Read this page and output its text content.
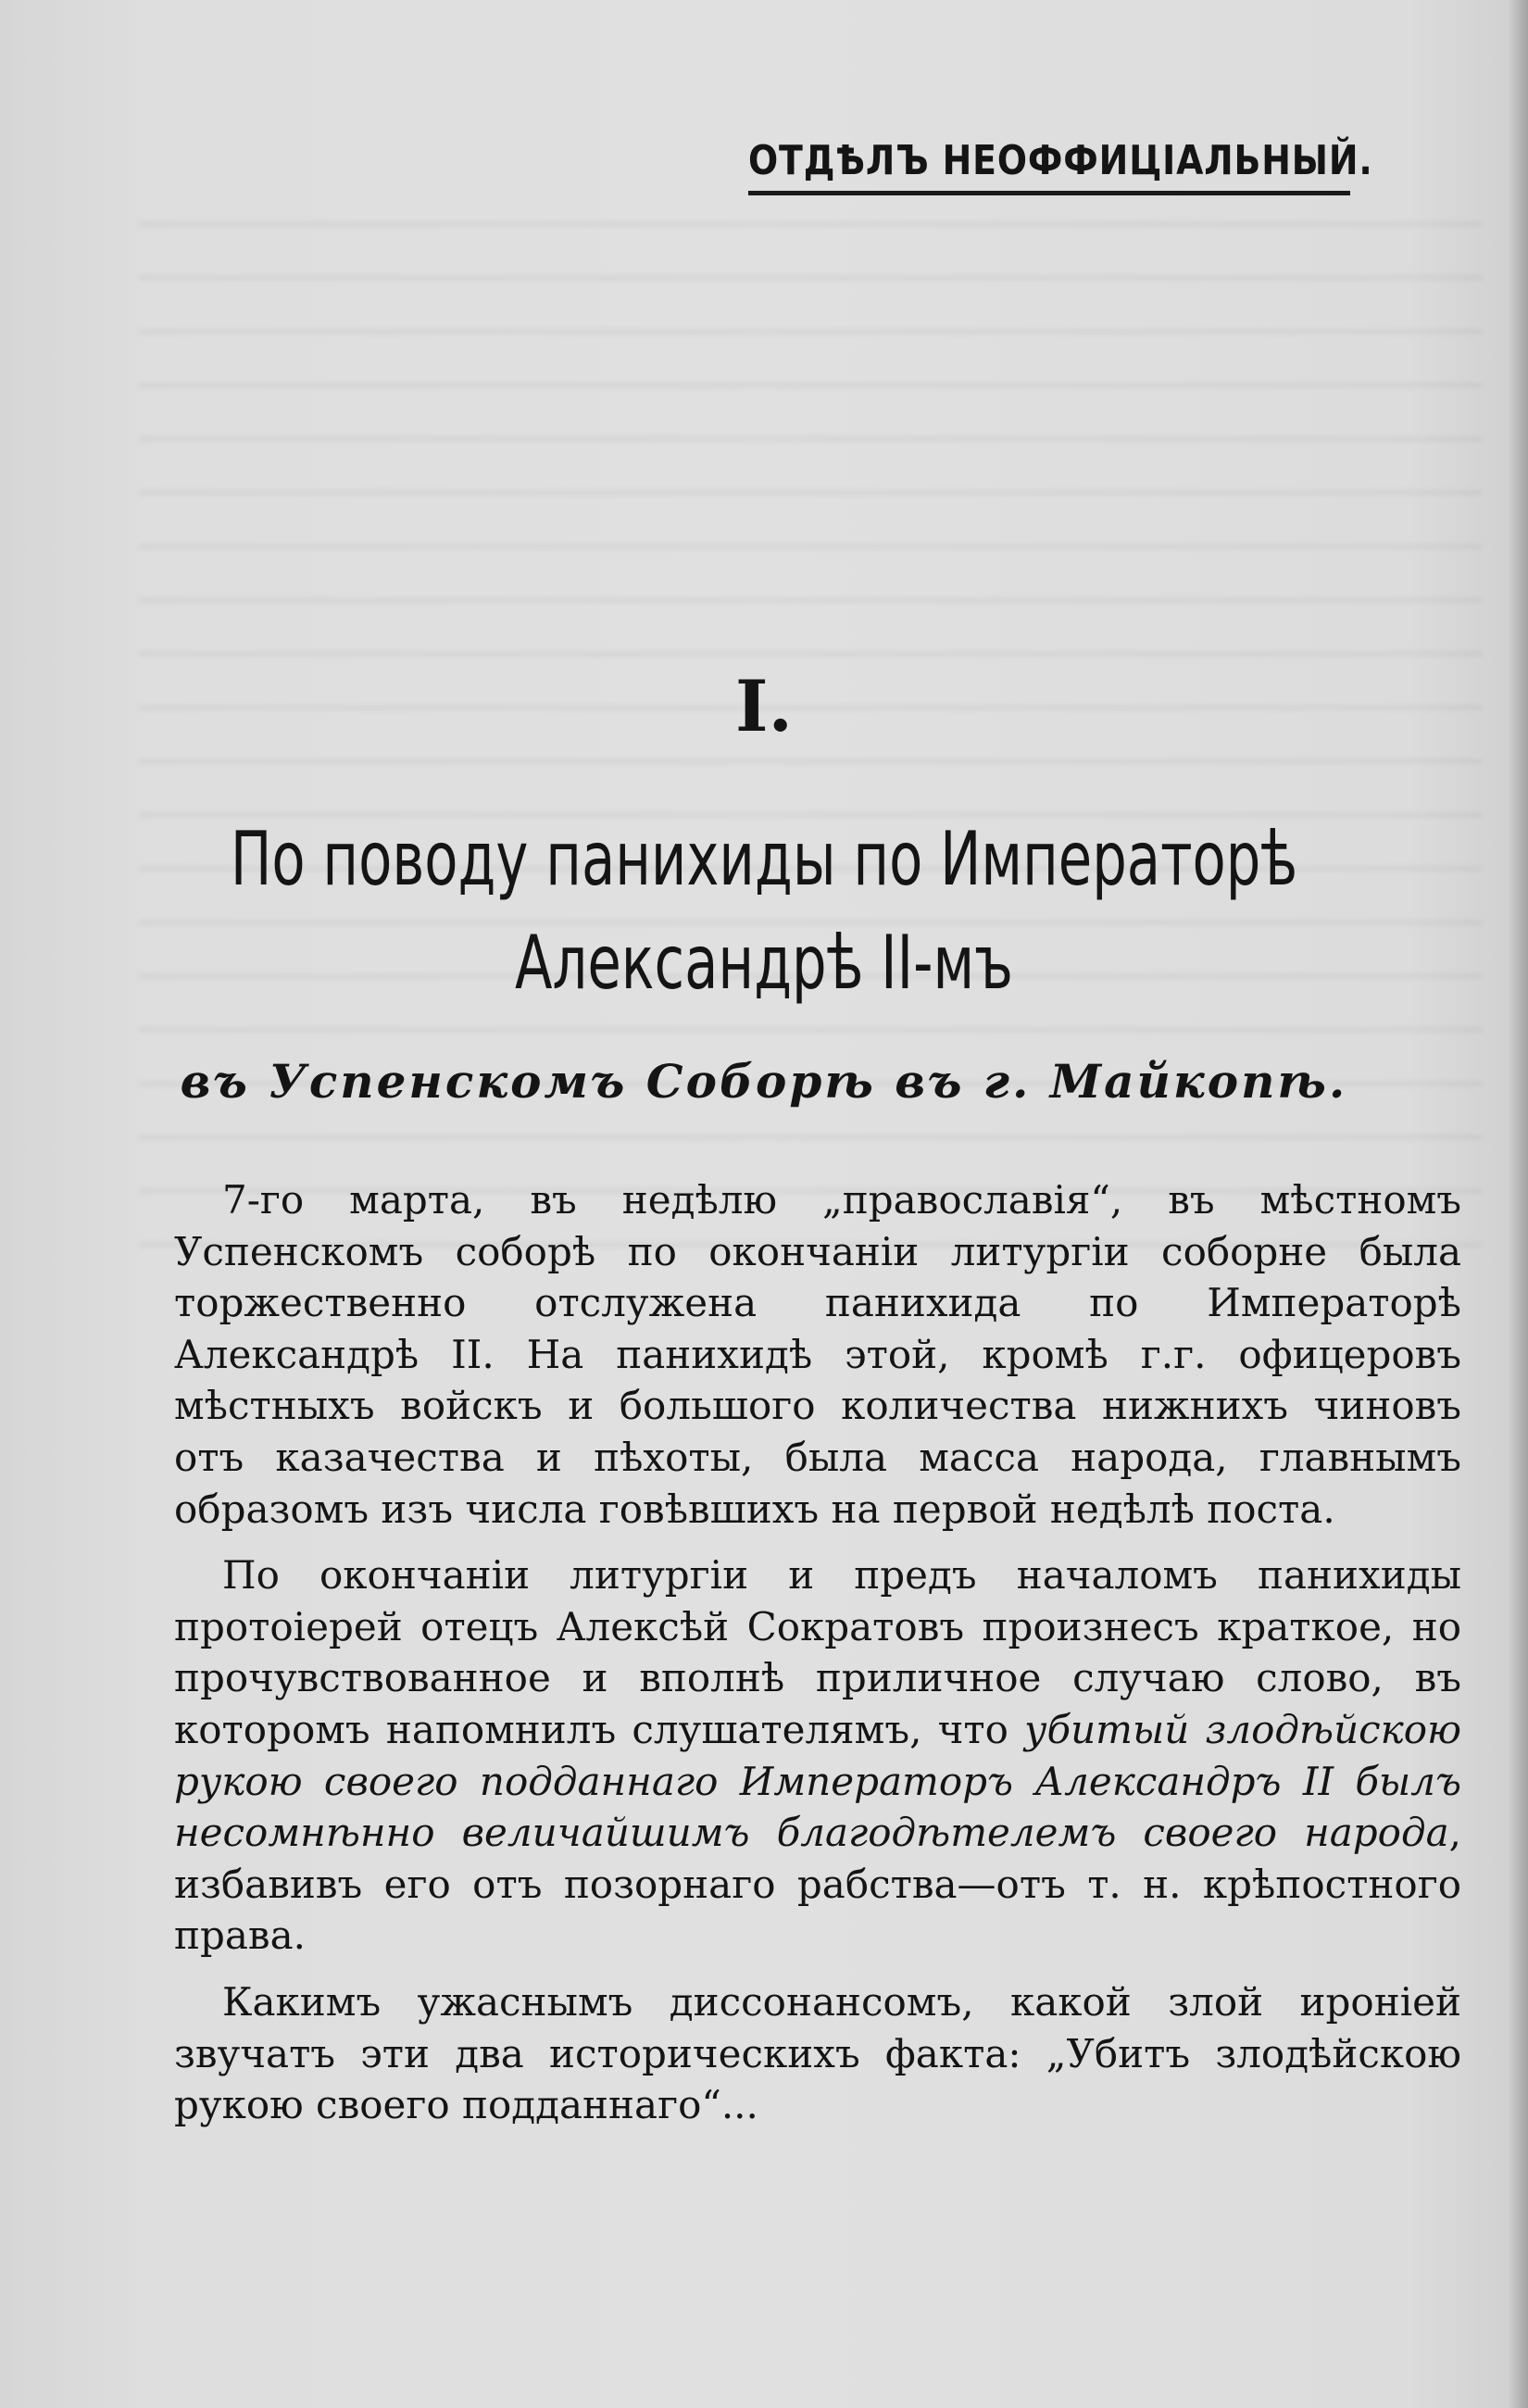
ОТДѢЛЪ НЕОФФИЦІАЛЬНЫЙ.
I.
По поводу панихиды по Императорѣ
Александрѣ II-мъ
въ Успенскомъ Соборѣ въ г. Майкопѣ.

7-го марта, въ недѣлю „православія“, въ мѣстномъ Успенскомъ соборѣ по окончаніи литургіи соборне была торжественно отслужена панихида по Императорѣ Александрѣ II. На панихидѣ этой, кромѣ г.г. офицеровъ мѣстныхъ войскъ и большого количества нижнихъ чиновъ отъ казачества и пѣхоты, была масса народа, главнымъ образомъ изъ числа говѣвшихъ на первой недѣлѣ поста.

По окончаніи литургіи и предъ началомъ панихиды протоіерей отецъ Алексѣй Сократовъ произнесъ краткое, но прочувствованное и вполнѣ приличное случаю слово, въ которомъ напомнилъ слушателямъ, что убитый злодѣйскою рукою своего подданнаго Императоръ Александръ II былъ несомнѣнно величайшимъ благодѣтелемъ своего народа, избавивъ его отъ позорнаго рабства—отъ т. н. крѣпостного права.

Какимъ ужаснымъ диссонансомъ, какой злой ироніей звучатъ эти два историческихъ факта: „Убитъ злодѣйскою рукою своего подданнаго“...
